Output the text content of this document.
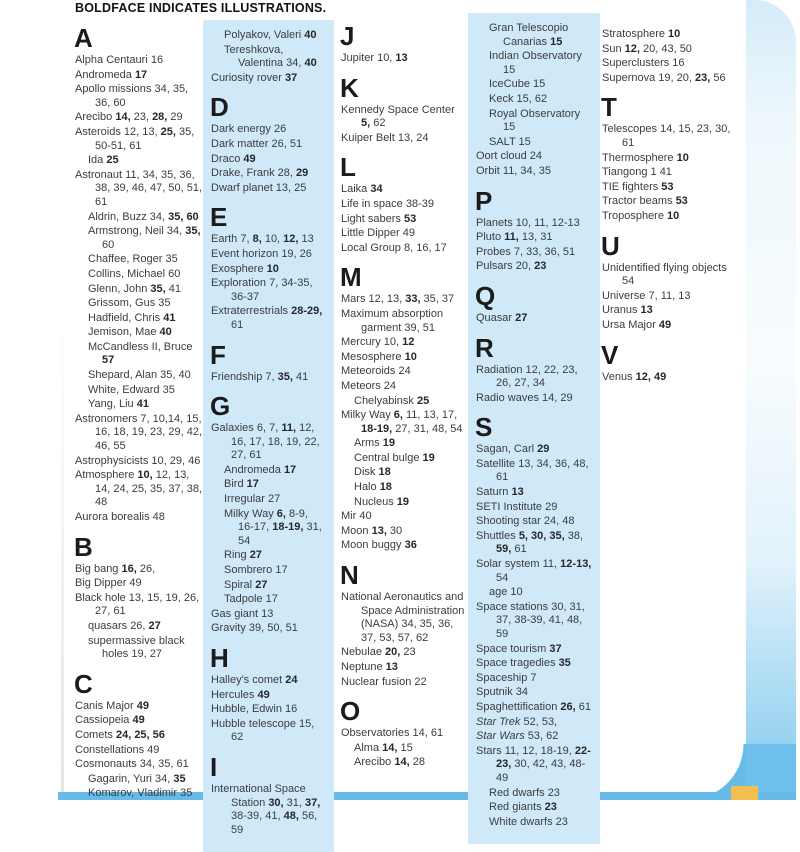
BOLDFACE INDICATES ILLUSTRATIONS.
A
Alpha Centauri 16
Andromeda 17
Apollo missions 34, 35, 36, 60
Arecibo 14, 23, 28, 29
Asteroids 12, 13, 25, 35, 50-51, 61
Ida 25
Astronaut 11, 34, 35, 36, 38, 39, 46, 47, 50, 51, 61
Aldrin, Buzz 34, 35, 60
Armstrong, Neil 34, 35, 60
Chaffee, Roger 35
Collins, Michael 60
Glenn, John 35, 41
Grissom, Gus 35
Hadfield, Chris 41
Jemison, Mae 40
McCandless II, Bruce 57
Shepard, Alan 35, 40
White, Edward 35
Yang, Liu 41
Astronomers 7, 10,14, 15, 16, 18, 19, 23, 29, 42, 46, 55
Astrophysicists 10, 29, 46
Atmosphere 10, 12, 13, 14, 24, 25, 35, 37, 38, 48
Aurora borealis 48
B
Big bang 16, 26,
Big Dipper 49
Black hole 13, 15, 19, 26, 27, 61
quasars 26, 27
supermassive black holes 19, 27
C
Canis Major 49
Cassiopeia 49
Comets 24, 25, 56
Constellations 49
Cosmonauts 34, 35, 61
Gagarin, Yuri 34, 35
Komarov, Vladimir 35
Polyakov, Valeri 40
Tereshkova, Valentina 34, 40
Curiosity rover 37
D
Dark energy 26
Dark matter 26, 51
Draco 49
Drake, Frank 28, 29
Dwarf planet 13, 25
E
Earth 7, 8, 10, 12, 13
Event horizon 19, 26
Exosphere 10
Exploration 7, 34-35, 36-37
Extraterrestrials 28-29, 61
F
Friendship 7, 35, 41
G
Galaxies 6, 7, 11, 12, 16, 17, 18, 19, 22, 27, 61
Andromeda 17
Bird 17
Irregular 27
Milky Way 6, 8-9, 16-17, 18-19, 31, 54
Ring 27
Sombrero 17
Spiral 27
Tadpole 17
Gas giant 13
Gravity 39, 50, 51
H
Halley's comet 24
Hercules 49
Hubble, Edwin 16
Hubble telescope 15, 62
I
International Space Station 30, 31, 37, 38-39, 41, 48, 56, 59
J
Jupiter 10, 13
K
Kennedy Space Center 5, 62
Kuiper Belt 13, 24
L
Laika 34
Life in space 38-39
Light sabers 53
Little Dipper 49
Local Group 8, 16, 17
M
Mars 12, 13, 33, 35, 37
Maximum absorption garment 39, 51
Mercury 10, 12
Mesosphere 10
Meteoroids 24
Meteors 24
Chelyabinsk 25
Milky Way 6, 11, 13, 17, 18-19, 27, 31, 48, 54
Arms 19
Central bulge 19
Disk 18
Halo 18
Nucleus 19
Mir 40
Moon 13, 30
Moon buggy 36
N
National Aeronautics and Space Administration (NASA) 34, 35, 36, 37, 53, 57, 62
Nebulae 20, 23
Neptune 13
Nuclear fusion 22
O
Observatories 14, 61
Alma 14, 15
Arecibo 14, 28
Gran Telescopio Canarias 15
Indian Observatory 15
IceCube 15
Keck 15, 62
Royal Observatory 15
SALT 15
Oort cloud 24
Orbit 11, 34, 35
P
Planets 10, 11, 12-13
Pluto 11, 13, 31
Probes 7, 33, 36, 51
Pulsars 20, 23
Q
Quasar 27
R
Radiation 12, 22, 23, 26, 27, 34
Radio waves 14, 29
S
Sagan, Carl 29
Satellite 13, 34, 36, 48, 61
Saturn 13
SETI Institute 29
Shooting star 24, 48
Shuttles 5, 30, 35, 38, 59, 61
Solar system 11, 12-13, 54
age 10
Space stations 30, 31, 37, 38-39, 41, 48, 59
Space tourism 37
Space tragedies 35
Spaceship 7
Sputnik 34
Spaghettification 26, 61
Star Trek 52, 53,
Star Wars 53, 62
Stars 11, 12, 18-19, 22-23, 30, 42, 43, 48-49
Red dwarfs 23
Red giants 23
White dwarfs 23
Stratosphere 10
Sun 12, 20, 43, 50
Superclusters 16
Supernova 19, 20, 23, 56
T
Telescopes 14, 15, 23, 30, 61
Thermosphere 10
Tiangong 1 41
TIE fighters 53
Tractor beams 53
Troposphere 10
U
Unidentified flying objects 54
Universe 7, 11, 13
Uranus 13
Ursa Major 49
V
Venus 12, 49
